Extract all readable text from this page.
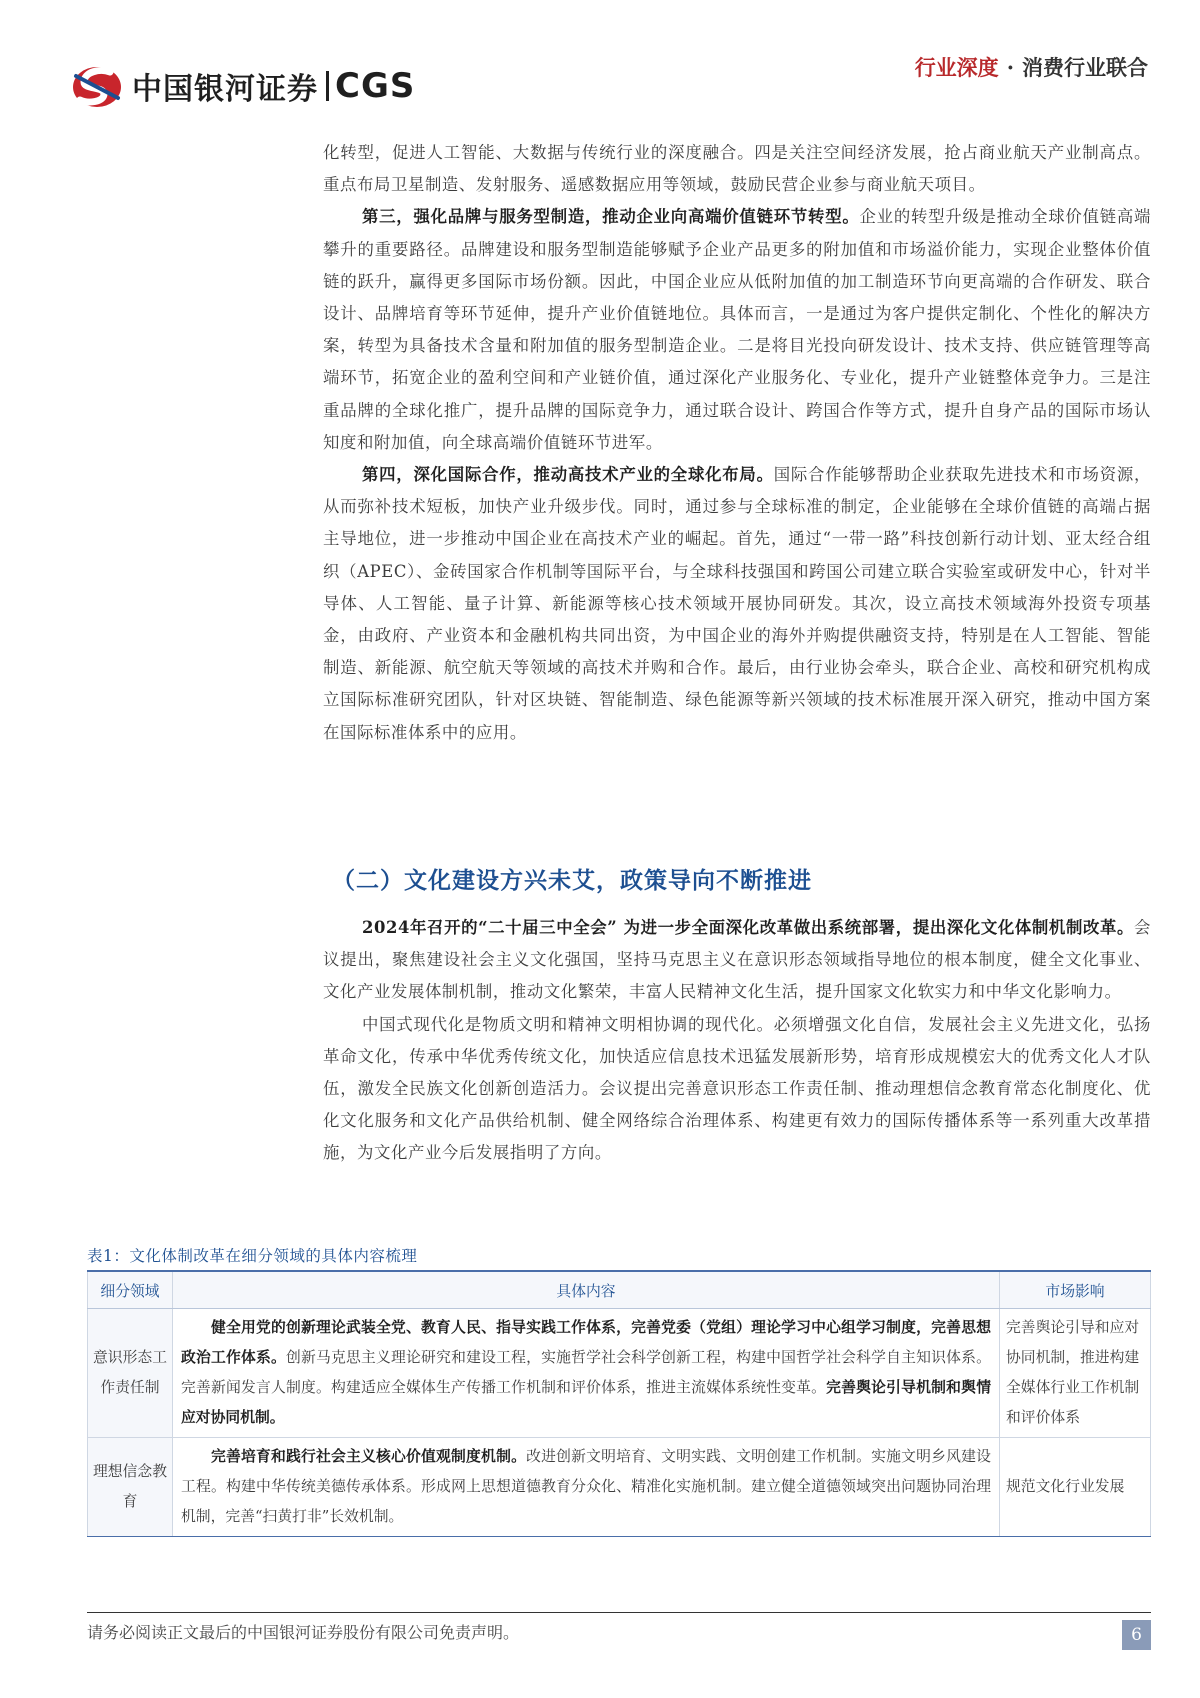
中国银河证券 CGS	行业深度 · 消费行业联合

化转型，促进人工智能、大数据与传统行业的深度融合。四是关注空间经济发展，抢占商业航天产业制高点。重点布局卫星制造、发射服务、遥感数据应用等领域，鼓励民营企业参与商业航天项目。

第三，强化品牌与服务型制造，推动企业向高端价值链环节转型。企业的转型升级是推动全球价值链高端攀升的重要路径。品牌建设和服务型制造能够赋予企业产品更多的附加值和市场溢价能力，实现企业整体价值链的跃升，赢得更多国际市场份额。因此，中国企业应从低附加值的加工制造环节向更高端的合作研发、联合设计、品牌培育等环节延伸，提升产业价值链地位。具体而言，一是通过为客户提供定制化、个性化的解决方案，转型为具备技术含量和附加值的服务型制造企业。二是将目光投向研发设计、技术支持、供应链管理等高端环节，拓宽企业的盈利空间和产业链价值，通过深化产业服务化、专业化，提升产业链整体竞争力。三是注重品牌的全球化推广，提升品牌的国际竞争力，通过联合设计、跨国合作等方式，提升自身产品的国际市场认知度和附加值，向全球高端价值链环节进军。

第四，深化国际合作，推动高技术产业的全球化布局。国际合作能够帮助企业获取先进技术和市场资源，从而弥补技术短板，加快产业升级步伐。同时，通过参与全球标准的制定，企业能够在全球价值链的高端占据主导地位，进一步推动中国企业在高技术产业的崛起。首先，通过“一带一路”科技创新行动计划、亚太经合组织（APEC）、金砖国家合作机制等国际平台，与全球科技强国和跨国公司建立联合实验室或研发中心，针对半导体、人工智能、量子计算、新能源等核心技术领域开展协同研发。其次，设立高技术领域海外投资专项基金，由政府、产业资本和金融机构共同出资，为中国企业的海外并购提供融资支持，特别是在人工智能、智能制造、新能源、航空航天等领域的高技术并购和合作。最后，由行业协会牵头，联合企业、高校和研究机构成立国际标准研究团队，针对区块链、智能制造、绿色能源等新兴领域的技术标准展开深入研究，推动中国方案在国际标准体系中的应用。

（二）文化建设方兴未艾，政策导向不断推进

2024年召开的“二十届三中全会” 为进一步全面深化改革做出系统部署，提出深化文化体制机制改革。会议提出，聚焦建设社会主义文化强国，坚持马克思主义在意识形态领域指导地位的根本制度，健全文化事业、文化产业发展体制机制，推动文化繁荣，丰富人民精神文化生活，提升国家文化软实力和中华文化影响力。

中国式现代化是物质文明和精神文明相协调的现代化。必须增强文化自信，发展社会主义先进文化，弘扬革命文化，传承中华优秀传统文化，加快适应信息技术迅猛发展新形势，培育形成规模宏大的优秀文化人才队伍，激发全民族文化创新创造活力。会议提出完善意识形态工作责任制、推动理想信念教育常态化制度化、优化文化服务和文化产品供给机制、健全网络综合治理体系、构建更有效力的国际传播体系等一系列重大改革措施，为文化产业今后发展指明了方向。

表1：文化体制改革在细分领域的具体内容梳理
细分领域	具体内容	市场影响
意识形态工作责任制	健全用党的创新理论武装全党、教育人民、指导实践工作体系，完善党委（党组）理论学习中心组学习制度，完善思想政治工作体系。创新马克思主义理论研究和建设工程，实施哲学社会科学创新工程，构建中国哲学社会科学自主知识体系。完善新闻发言人制度。构建适应全媒体生产传播工作机制和评价体系，推进主流媒体系统性变革。完善舆论引导机制和舆情应对协同机制。	完善舆论引导和应对协同机制，推进构建全媒体行业工作机制和评价体系
理想信念教育	完善培育和践行社会主义核心价值观制度机制。改进创新文明培育、文明实践、文明创建工作机制。实施文明乡风建设工程。构建中华传统美德传承体系。形成网上思想道德教育分众化、精准化实施机制。建立健全道德领域突出问题协同治理机制，完善“扫黄打非”长效机制。	规范文化行业发展
请务必阅读正文最后的中国银河证券股份有限公司免责声明。	6
